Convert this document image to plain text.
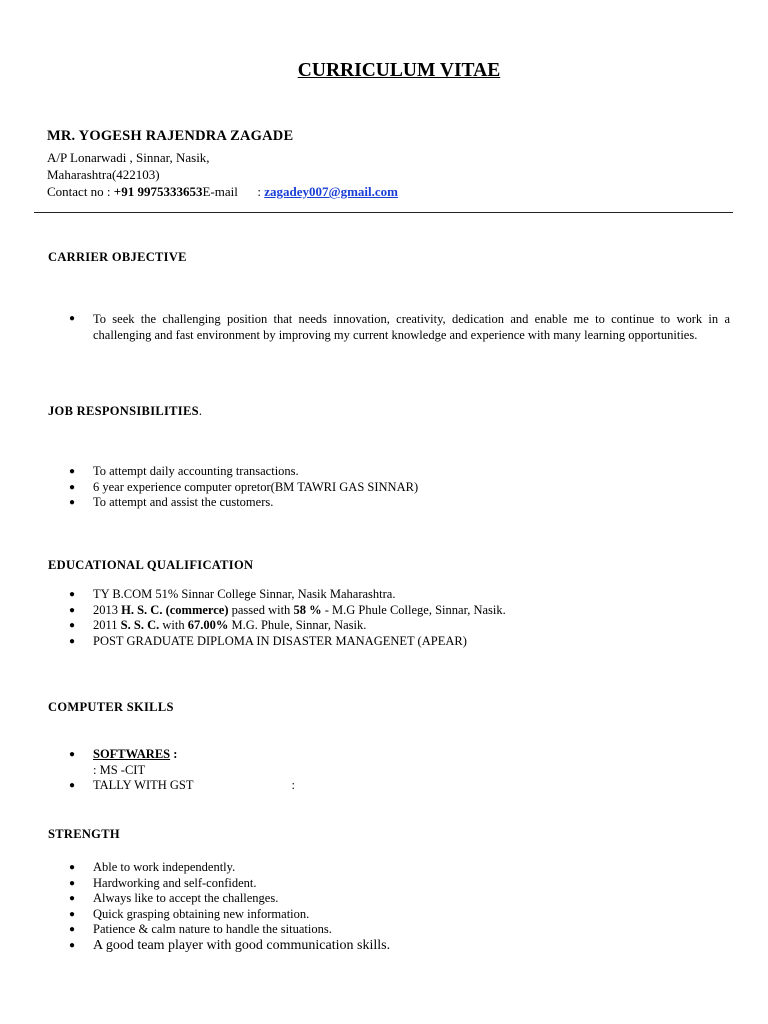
CURRICULUM VITAE
MR. YOGESH RAJENDRA ZAGADE
A/P Lonarwadi , Sinnar, Nasik,
Maharashtra(422103)
Contact no : +91 9975333653E-mail      : zagadey007@gmail.com
CARRIER OBJECTIVE
● To seek the challenging position that needs innovation, creativity, dedication and enable me to continue to work in a challenging and fast environment by improving my current knowledge and experience with many learning opportunities.
JOB RESPONSIBILITIES.
● To attempt daily accounting transactions.
● 6 year experience computer opretor(BM TAWRI GAS SINNAR)
● To attempt and assist the customers.
EDUCATIONAL QUALIFICATION
● TY B.COM 51% Sinnar College Sinnar, Nasik Maharashtra.
● 2013 H. S. C. (commerce) passed with 58 % - M.G Phule College, Sinnar, Nasik.
● 2011 S. S. C. with 67.00% M.G. Phule, Sinnar, Nasik.
● POST GRADUATE DIPLOMA IN DISASTER MANAGENET (APEAR)
COMPUTER SKILLS
● SOFTWARES :
: MS -CIT
● TALLY WITH GST	:
STRENGTH
● Able to work independently.
● Hardworking and self-confident.
● Always like to accept the challenges.
● Quick grasping obtaining new information.
● Patience & calm nature to handle the situations.
● A good team player with good communication skills.
